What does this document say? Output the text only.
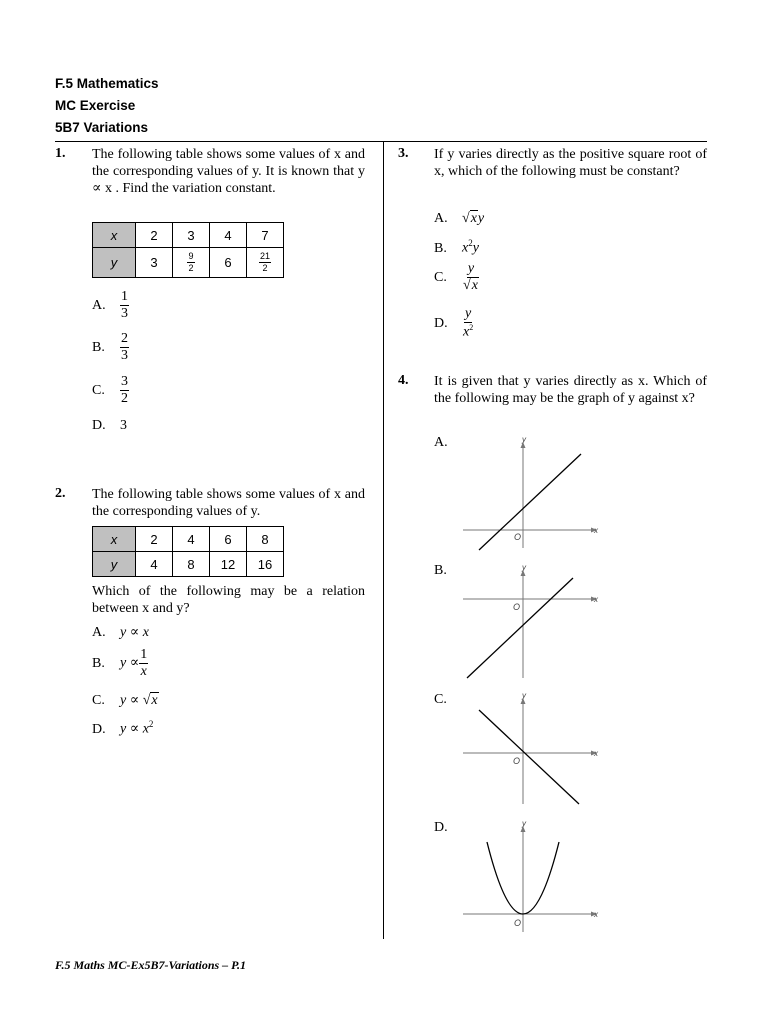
F.5 Mathematics
MC Exercise
5B7 Variations
1. The following table shows some values of x and the corresponding values of y. It is known that y ∝ x . Find the variation constant.
x	2	3	4	7
y	3	$\frac{9}{2}$	6	$\frac{21}{2}$
A. $\frac{1}{3}$
B. $\frac{2}{3}$
C. $\frac{3}{2}$
D. 3
2. The following table shows some values of x and the corresponding values of y.
x	2	4	6	8
y	4	8	12	16
Which of the following may be a relation between x and y?
A. y ∝ x
B. $y \propto \frac{1}{x}$
C. y ∝ √x
D. $y \propto x^2$
3. If y varies directly as the positive square root of x, which of the following must be constant?
A. √xy
B. $x^2y$
C. $\frac{y}{√x}$
D. $\frac{y}{x^2}$
4. It is given that y varies directly as x. Which of the following may be the graph of y against x?
A.
B.
C.
D.
y
x
O
y
x
O
y
x
O
y
x
O
F.5 Maths MC-Ex5B7-Variations – P.1
